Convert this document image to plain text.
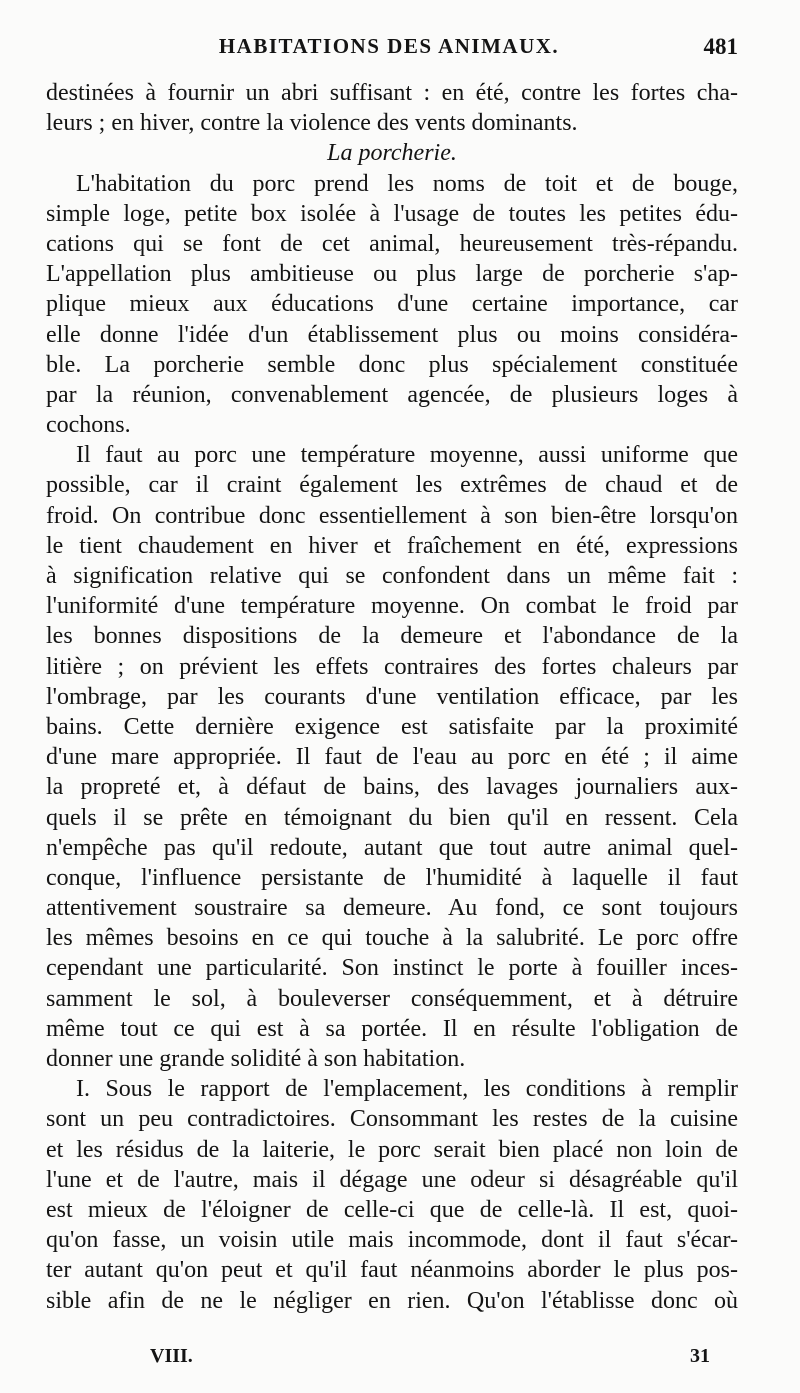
HABITATIONS DES ANIMAUX.	481
destinées à fournir un abri suffisant : en été, contre les fortes cha-
leurs ; en hiver, contre la violence des vents dominants.
La porcherie.
L'habitation du porc prend les noms de toit et de bouge,
simple loge, petite box isolée à l'usage de toutes les petites édu-
cations qui se font de cet animal, heureusement très-répandu.
L'appellation plus ambitieuse ou plus large de porcherie s'ap-
plique mieux aux éducations d'une certaine importance, car
elle donne l'idée d'un établissement plus ou moins considéra-
ble. La porcherie semble donc plus spécialement constituée
par la réunion, convenablement agencée, de plusieurs loges à
cochons.
Il faut au porc une température moyenne, aussi uniforme que
possible, car il craint également les extrêmes de chaud et de
froid. On contribue donc essentiellement à son bien-être lorsqu'on
le tient chaudement en hiver et fraîchement en été, expressions
à signification relative qui se confondent dans un même fait :
l'uniformité d'une température moyenne. On combat le froid par
les bonnes dispositions de la demeure et l'abondance de la
litière ; on prévient les effets contraires des fortes chaleurs par
l'ombrage, par les courants d'une ventilation efficace, par les
bains. Cette dernière exigence est satisfaite par la proximité
d'une mare appropriée. Il faut de l'eau au porc en été ; il aime
la propreté et, à défaut de bains, des lavages journaliers aux-
quels il se prête en témoignant du bien qu'il en ressent. Cela
n'empêche pas qu'il redoute, autant que tout autre animal quel-
conque, l'influence persistante de l'humidité à laquelle il faut
attentivement soustraire sa demeure. Au fond, ce sont toujours
les mêmes besoins en ce qui touche à la salubrité. Le porc offre
cependant une particularité. Son instinct le porte à fouiller inces-
samment le sol, à bouleverser conséquemment, et à détruire
même tout ce qui est à sa portée. Il en résulte l'obligation de
donner une grande solidité à son habitation.
I. Sous le rapport de l'emplacement, les conditions à remplir
sont un peu contradictoires. Consommant les restes de la cuisine
et les résidus de la laiterie, le porc serait bien placé non loin de
l'une et de l'autre, mais il dégage une odeur si désagréable qu'il
est mieux de l'éloigner de celle-ci que de celle-là. Il est, quoi-
qu'on fasse, un voisin utile mais incommode, dont il faut s'écar-
ter autant qu'on peut et qu'il faut néanmoins aborder le plus pos-
sible afin de ne le négliger en rien. Qu'on l'établisse donc où
VIII.	31
